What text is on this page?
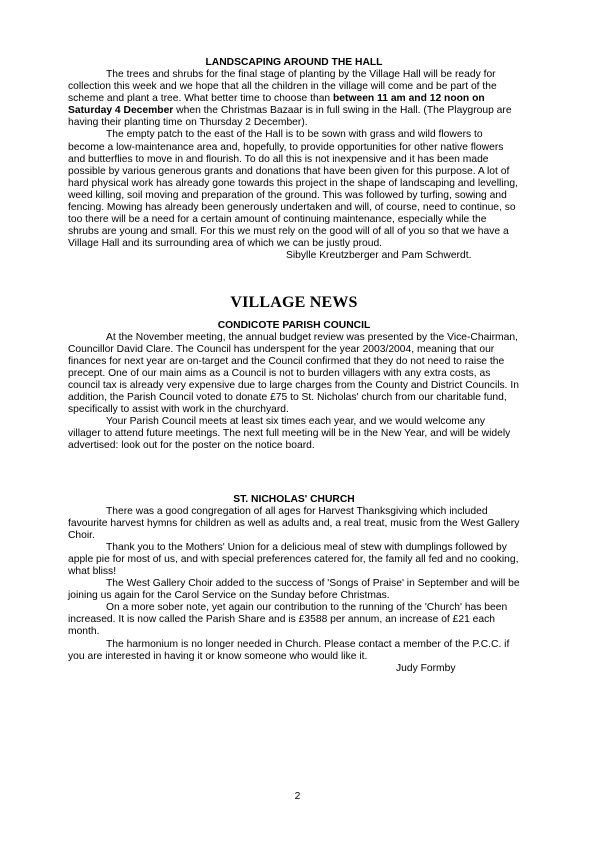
LANDSCAPING AROUND THE HALL

The trees and shrubs for the final stage of planting by the Village Hall will be ready for collection this week and we hope that all the children in the village will come and be part of the scheme and plant a tree. What better time to choose than between 11 am and 12 noon on Saturday 4 December when the Christmas Bazaar is in full swing in the Hall. (The Playgroup are having their planting time on Thursday 2 December).

The empty patch to the east of the Hall is to be sown with grass and wild flowers to become a low-maintenance area and, hopefully, to provide opportunities for other native flowers and butterflies to move in and flourish. To do all this is not inexpensive and it has been made possible by various generous grants and donations that have been given for this purpose. A lot of hard physical work has already gone towards this project in the shape of landscaping and levelling, weed killing, soil moving and preparation of the ground. This was followed by turfing, sowing and fencing. Mowing has already been generously undertaken and will, of course, need to continue, so too there will be a need for a certain amount of continuing maintenance, especially while the shrubs are young and small. For this we must rely on the good will of all of you so that we have a Village Hall and its surrounding area of which we can be justly proud.

Sibylle Kreutzberger and Pam Schwerdt.

VILLAGE NEWS

CONDICOTE PARISH COUNCIL

At the November meeting, the annual budget review was presented by the Vice-Chairman, Councillor David Clare. The Council has underspent for the year 2003/2004, meaning that our finances for next year are on-target and the Council confirmed that they do not need to raise the precept. One of our main aims as a Council is not to burden villagers with any extra costs, as council tax is already very expensive due to large charges from the County and District Councils. In addition, the Parish Council voted to donate £75 to St. Nicholas' church from our charitable fund, specifically to assist with work in the churchyard.

Your Parish Council meets at least six times each year, and we would welcome any villager to attend future meetings. The next full meeting will be in the New Year, and will be widely advertised: look out for the poster on the notice board.

ST. NICHOLAS' CHURCH

There was a good congregation of all ages for Harvest Thanksgiving which included favourite harvest hymns for children as well as adults and, a real treat, music from the West Gallery Choir.

Thank you to the Mothers' Union for a delicious meal of stew with dumplings followed by apple pie for most of us, and with special preferences catered for, the family all fed and no cooking, what bliss!

The West Gallery Choir added to the success of 'Songs of Praise' in September and will be joining us again for the Carol Service on the Sunday before Christmas.

On a more sober note, yet again our contribution to the running of the 'Church' has been increased. It is now called the Parish Share and is £3588 per annum, an increase of £21 each month.

The harmonium is no longer needed in Church. Please contact a member of the P.C.C. if you are interested in having it or know someone who would like it.

Judy Formby

2
